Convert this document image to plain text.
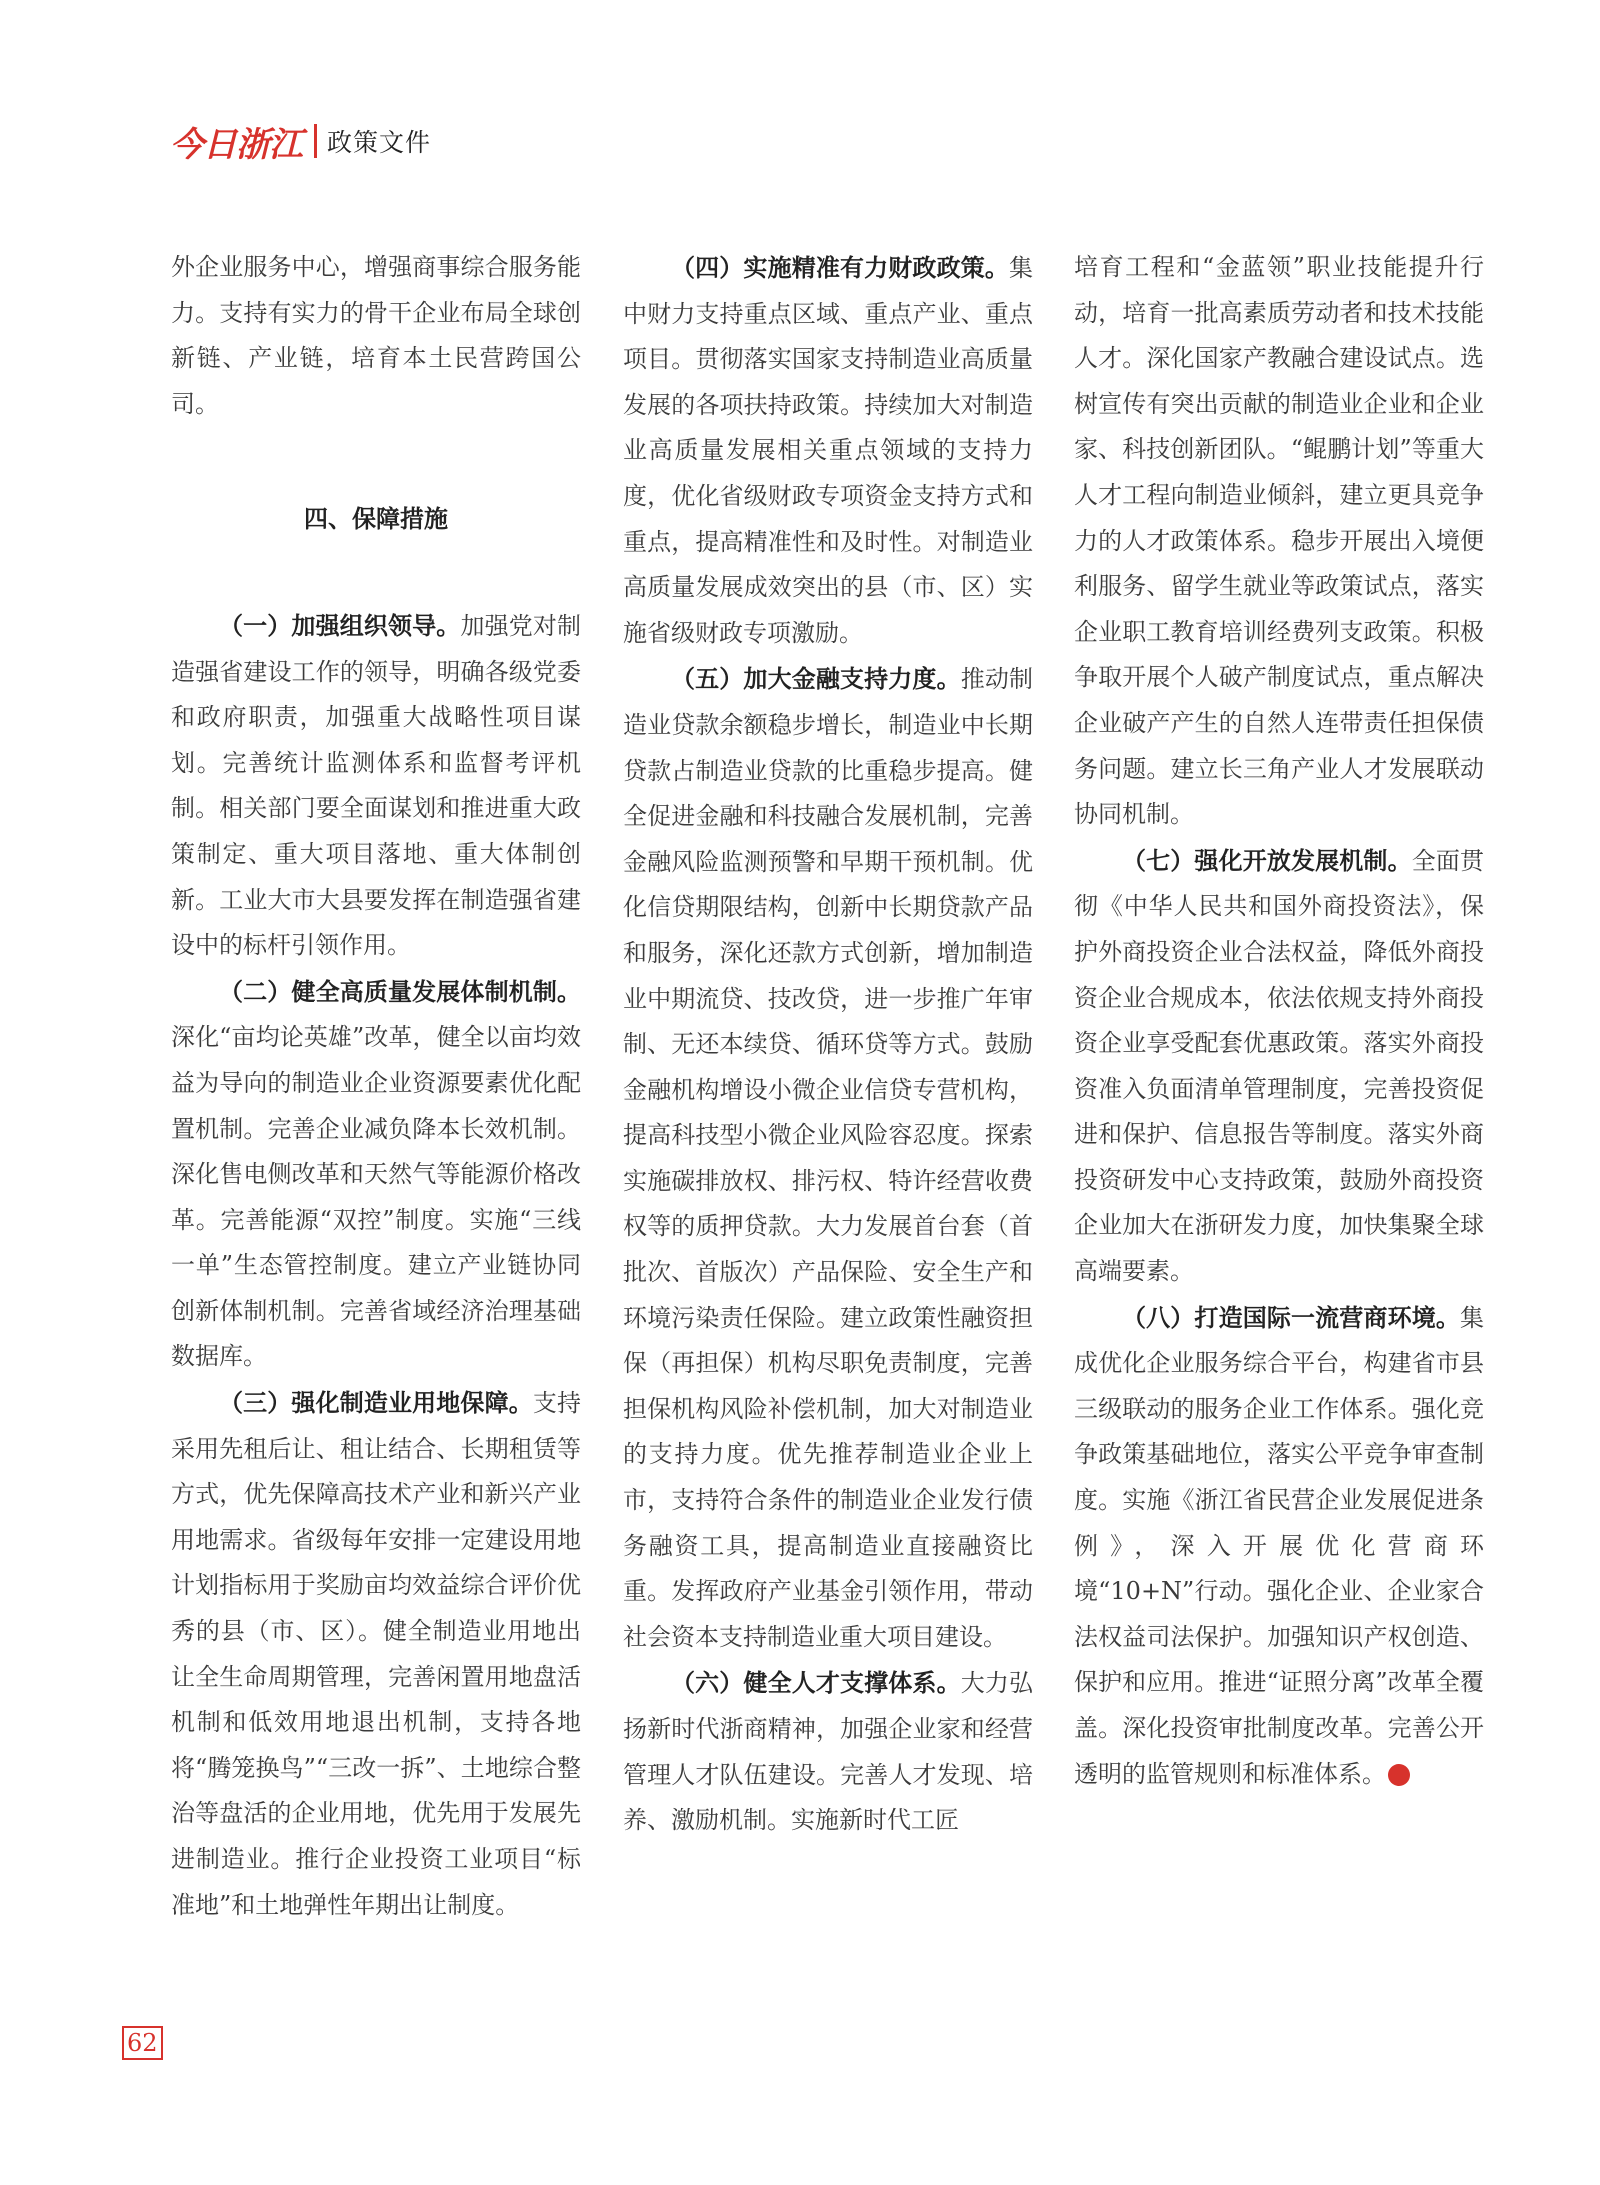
今日浙江 政策文件

外企业服务中心，增强商事综合服务能力。支持有实力的骨干企业布局全球创新链、产业链，培育本土民营跨国公司。

四、保障措施

（一）加强组织领导。加强党对制造强省建设工作的领导，明确各级党委和政府职责，加强重大战略性项目谋划。完善统计监测体系和监督考评机制。相关部门要全面谋划和推进重大政策制定、重大项目落地、重大体制创新。工业大市大县要发挥在制造强省建设中的标杆引领作用。

（二）健全高质量发展体制机制。深化“亩均论英雄”改革，健全以亩均效益为导向的制造业企业资源要素优化配置机制。完善企业减负降本长效机制。深化售电侧改革和天然气等能源价格改革。完善能源“双控”制度。实施“三线一单”生态管控制度。建立产业链协同创新体制机制。完善省域经济治理基础数据库。

（三）强化制造业用地保障。支持采用先租后让、租让结合、长期租赁等方式，优先保障高技术产业和新兴产业用地需求。省级每年安排一定建设用地计划指标用于奖励亩均效益综合评价优秀的县（市、区）。健全制造业用地出让全生命周期管理，完善闲置用地盘活机制和低效用地退出机制，支持各地将“腾笼换鸟”“三改一拆”、土地综合整治等盘活的企业用地，优先用于发展先进制造业。推行企业投资工业项目“标准地”和土地弹性年期出让制度。

（四）实施精准有力财政政策。集中财力支持重点区域、重点产业、重点项目。贯彻落实国家支持制造业高质量发展的各项扶持政策。持续加大对制造业高质量发展相关重点领域的支持力度，优化省级财政专项资金支持方式和重点，提高精准性和及时性。对制造业高质量发展成效突出的县（市、区）实施省级财政专项激励。

（五）加大金融支持力度。推动制造业贷款余额稳步增长，制造业中长期贷款占制造业贷款的比重稳步提高。健全促进金融和科技融合发展机制，完善金融风险监测预警和早期干预机制。优化信贷期限结构，创新中长期贷款产品和服务，深化还款方式创新，增加制造业中期流贷、技改贷，进一步推广年审制、无还本续贷、循环贷等方式。鼓励金融机构增设小微企业信贷专营机构，提高科技型小微企业风险容忍度。探索实施碳排放权、排污权、特许经营收费权等的质押贷款。大力发展首台套（首批次、首版次）产品保险、安全生产和环境污染责任保险。建立政策性融资担保（再担保）机构尽职免责制度，完善担保机构风险补偿机制，加大对制造业的支持力度。优先推荐制造业企业上市，支持符合条件的制造业企业发行债务融资工具，提高制造业直接融资比重。发挥政府产业基金引领作用，带动社会资本支持制造业重大项目建设。

（六）健全人才支撑体系。大力弘扬新时代浙商精神，加强企业家和经营管理人才队伍建设。完善人才发现、培养、激励机制。实施新时代工匠

培育工程和“金蓝领”职业技能提升行动，培育一批高素质劳动者和技术技能人才。深化国家产教融合建设试点。选树宣传有突出贡献的制造业企业和企业家、科技创新团队。“鲲鹏计划”等重大人才工程向制造业倾斜，建立更具竞争力的人才政策体系。稳步开展出入境便利服务、留学生就业等政策试点，落实企业职工教育培训经费列支政策。积极争取开展个人破产制度试点，重点解决企业破产产生的自然人连带责任担保债务问题。建立长三角产业人才发展联动协同机制。

（七）强化开放发展机制。全面贯彻《中华人民共和国外商投资法》，保护外商投资企业合法权益，降低外商投资企业合规成本，依法依规支持外商投资企业享受配套优惠政策。落实外商投资准入负面清单管理制度，完善投资促进和保护、信息报告等制度。落实外商投资研发中心支持政策，鼓励外商投资企业加大在浙研发力度，加快集聚全球高端要素。

（八）打造国际一流营商环境。集成优化企业服务综合平台，构建省市县三级联动的服务企业工作体系。强化竞争政策基础地位，落实公平竞争审查制度。实施《浙江省民营企业发展促进条例》，深入开展优化营商环境“10+N”行动。强化企业、企业家合法权益司法保护。加强知识产权创造、保护和应用。推进“证照分离”改革全覆盖。深化投资审批制度改革。完善公开透明的监管规则和标准体系。	今

62
